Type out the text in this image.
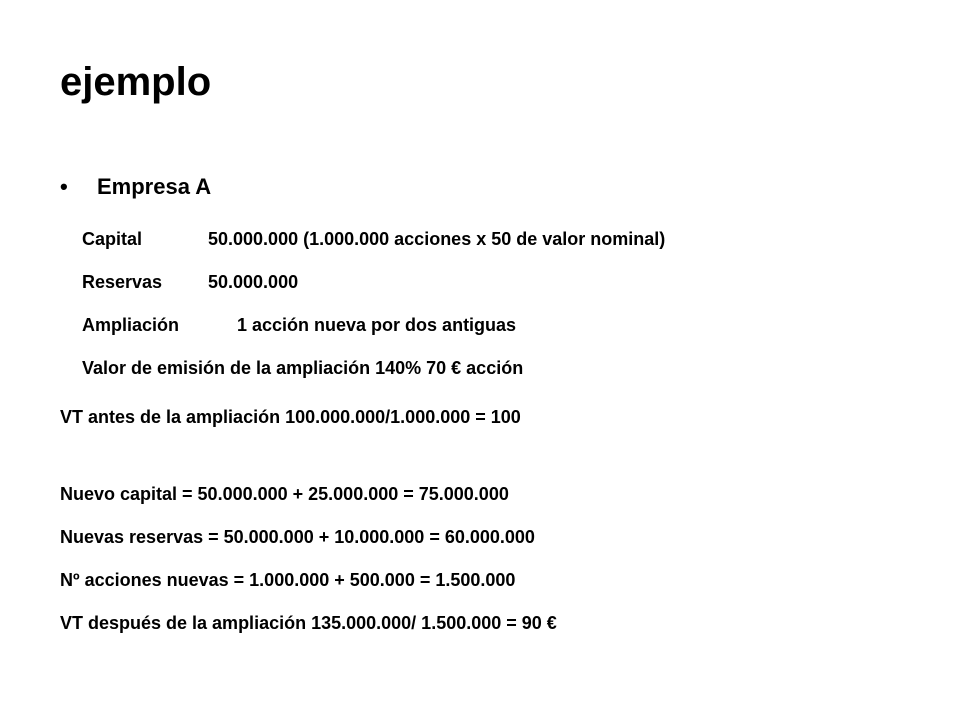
ejemplo
• Empresa A
Capital	50.000.000 (1.000.000 acciones x 50 de valor nominal)
Reservas	50.000.000
Ampliación	1 acción nueva por dos antiguas
Valor de emisión de la ampliación 140% 70 € acción
VT antes de la ampliación 100.000.000/1.000.000 = 100
Nuevo capital = 50.000.000 + 25.000.000 = 75.000.000
Nuevas reservas = 50.000.000 + 10.000.000 = 60.000.000
Nº acciones nuevas = 1.000.000 + 500.000 = 1.500.000
VT después de la ampliación 135.000.000/ 1.500.000 = 90 €
